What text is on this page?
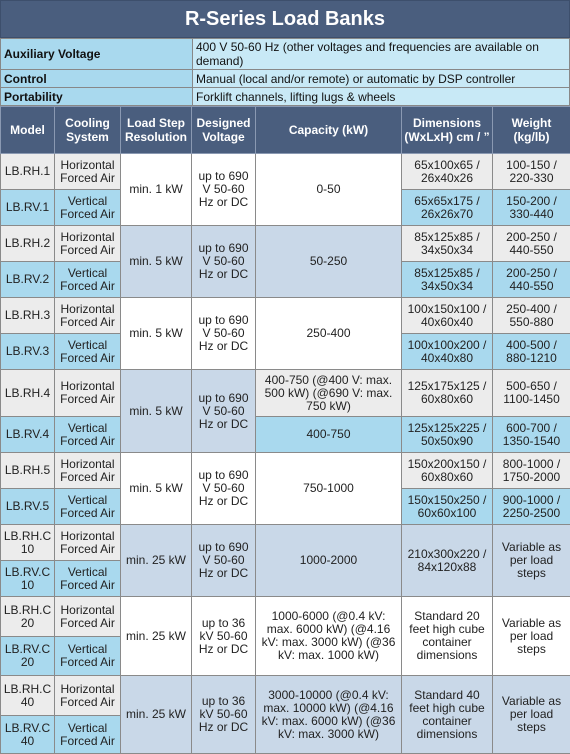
R-Series Load Banks
Auxiliary Voltage	400 V 50-60 Hz (other voltages and frequencies are available on demand)
Control	Manual (local and/or remote) or automatic by DSP controller
Portability	Forklift channels, lifting lugs & wheels
Model	Cooling System	Load Step Resolution	Designed Voltage	Capacity (kW)	Dimensions (WxLxH) cm / ”	Weight (kg/lb)
LB.RH.1	Horizontal Forced Air	min. 1 kW	up to 690 V 50-60 Hz or DC	0-50	65x100x65 / 26x40x26	100-150 / 220-330
LB.RV.1	Vertical Forced Air				65x65x175 / 26x26x70	150-200 / 330-440
LB.RH.2	Horizontal Forced Air	min. 5 kW	up to 690 V 50-60 Hz or DC	50-250	85x125x85 / 34x50x34	200-250 / 440-550
LB.RV.2	Vertical Forced Air				85x125x85 / 34x50x34	200-250 / 440-550
LB.RH.3	Horizontal Forced Air	min. 5 kW	up to 690 V 50-60 Hz or DC	250-400	100x150x100 / 40x60x40	250-400 / 550-880
LB.RV.3	Vertical Forced Air				100x100x200 / 40x40x80	400-500 / 880-1210
LB.RH.4	Horizontal Forced Air	min. 5 kW	up to 690 V 50-60 Hz or DC	400-750 (@400 V: max. 500 kW) (@690 V: max. 750 kW)	125x175x125 / 60x80x60	500-650 / 1100-1450
LB.RV.4	Vertical Forced Air			400-750	125x125x225 / 50x50x90	600-700 / 1350-1540
LB.RH.5	Horizontal Forced Air	min. 5 kW	up to 690 V 50-60 Hz or DC	750-1000	150x200x150 / 60x80x60	800-1000 / 1750-2000
LB.RV.5	Vertical Forced Air				150x150x250 / 60x60x100	900-1000 / 2250-2500
LB.RH.C 10	Horizontal Forced Air	min. 25 kW	up to 690 V 50-60 Hz or DC	1000-2000	210x300x220 / 84x120x88	Variable as per load steps
LB.RV.C 10	Vertical Forced Air					
LB.RH.C 20	Horizontal Forced Air	min. 25 kW	up to 36 kV 50-60 Hz or DC	1000-6000 (@0.4 kV: max. 6000 kW) (@4.16 kV: max. 3000 kW) (@36 kV: max. 1000 kW)	Standard 20 feet high cube container dimensions	Variable as per load steps
LB.RV.C 20	Vertical Forced Air					
LB.RH.C 40	Horizontal Forced Air	min. 25 kW	up to 36 kV 50-60 Hz or DC	3000-10000 (@0.4 kV: max. 10000 kW) (@4.16 kV: max. 6000 kW) (@36 kV: max. 3000 kW)	Standard 40 feet high cube container dimensions	Variable as per load steps
LB.RV.C 40	Vertical Forced Air					
